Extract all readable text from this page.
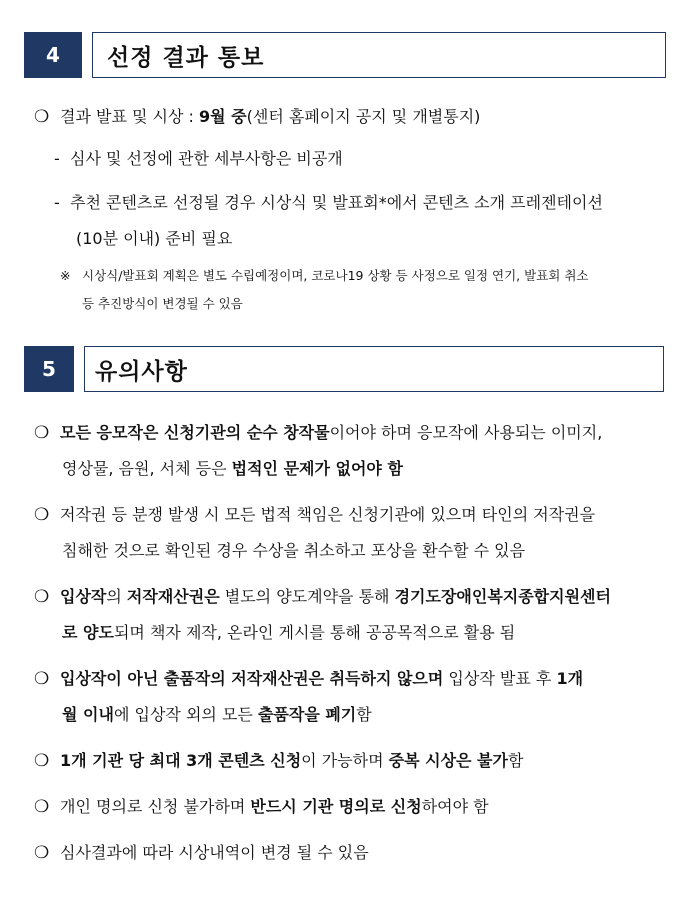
4	선정 결과 통보
❍ 결과 발표 및 시상 : 9월 중(센터 홈페이지 공지 및 개별통지)
- 심사 및 선정에 관한 세부사항은 비공개
- 추천 콘텐츠로 선정될 경우 시상식 및 발표회*에서 콘텐츠 소개 프레젠테이션
(10분 이내) 준비 필요
※ 시상식/발표회 계획은 별도 수립예정이며, 코로나19 상황 등 사정으로 일정 연기, 발표회 취소
등 추진방식이 변경될 수 있음
5	유의사항
❍ 모든 응모작은 신청기관의 순수 창작물이어야 하며 응모작에 사용되는 이미지,
영상물, 음원, 서체 등은 법적인 문제가 없어야 함
❍ 저작권 등 분쟁 발생 시 모든 법적 책임은 신청기관에 있으며 타인의 저작권을
침해한 것으로 확인된 경우 수상을 취소하고 포상을 환수할 수 있음
❍ 입상작의 저작재산권은 별도의 양도계약을 통해 경기도장애인복지종합지원센터
로 양도되며 책자 제작, 온라인 게시를 통해 공공목적으로 활용 됨
❍ 입상작이 아닌 출품작의 저작재산권은 취득하지 않으며 입상작 발표 후 1개
월 이내에 입상작 외의 모든 출품작을 폐기함
❍ 1개 기관 당 최대 3개 콘텐츠 신청이 가능하며 중복 시상은 불가함
❍ 개인 명의로 신청 불가하며 반드시 기관 명의로 신청하여야 함
❍ 심사결과에 따라 시상내역이 변경 될 수 있음
